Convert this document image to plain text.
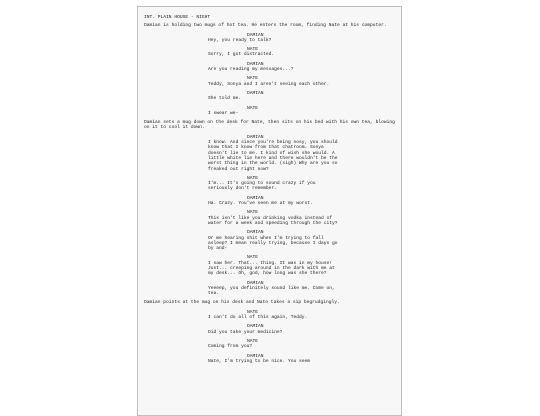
INT. PLAIN HOUSE - NIGHT

Damian is holding two mugs of hot tea. He enters the room, finding Nate at his computer.

DAMIAN

Hey, you ready to talk?

NATE

Sorry, I got distracted.

DAMIAN

Are you reading my messages...?

NATE

Teddy, Sonya and I aren't seeing each other.

DAMIAN

She told me.

NATE

I swear we-

Damian sets a mug down on the desk for Nate, then sits on his bed with his own tea, blowing on it to cool it down.

DAMIAN

I know. And since you're being nosy, you should know that I know from that chatroom. Sonya doesn't lie to me. I kind of wish she would. A little white lie here and there wouldn't be the worst thing in the world. (sigh) Why are you so freaked out right now?

NATE

I'm... It's going to sound crazy if you seriously don't remember.

DAMIAN

Ha. Crazy. You've seen me at my worst.

NATE

This isn't like you drinking vodka instead of water for a week and speeding through the city?

DAMIAN

Or me hearing shit when I'm trying to fall asleep? I mean really trying, because I days go by and-

NATE

I saw her. That... thing. It was in my house! Just... creeping around in the dark with me at my desk... Oh, god, how long was she there?

DAMIAN

Yeeeep, you definitely sound like me. Come on, tea.

Damian points at the mug on his desk and Nate takes a sip begrudgingly.

NATE

I can't do all of this again, Teddy.

DAMIAN

Did you take your medicine?

NATE

Coming from you?

DAMIAN

Nate, I'm trying to be nice. You seem
